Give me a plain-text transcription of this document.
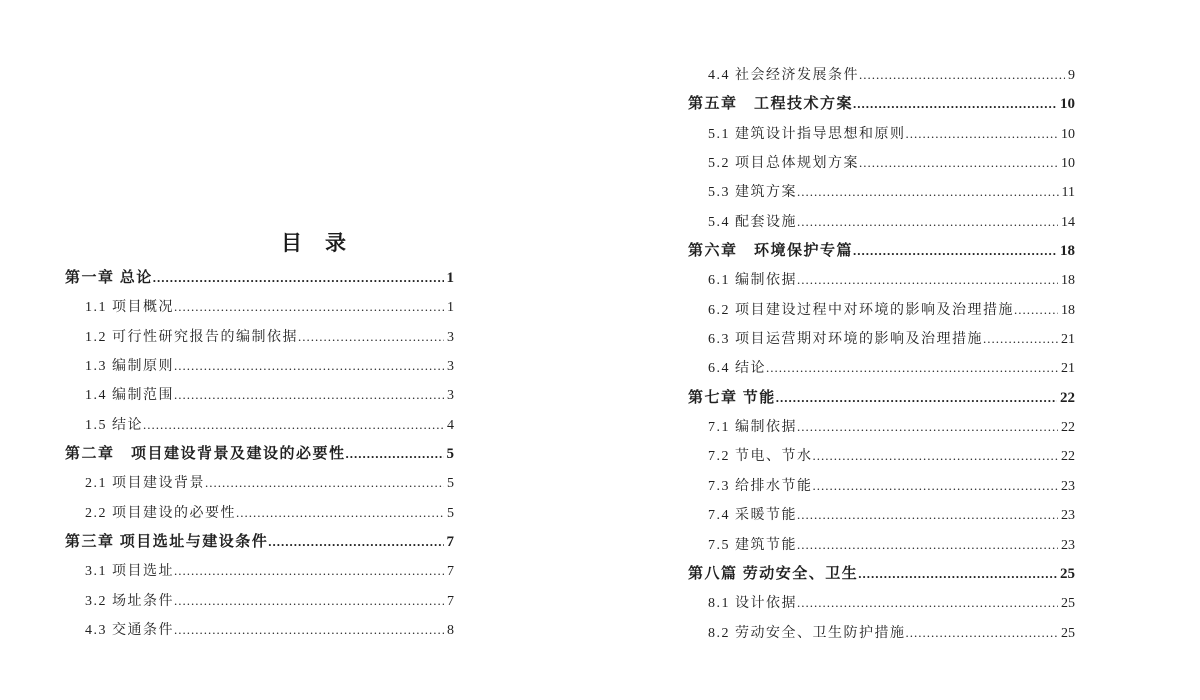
目　录
第一章 总论 .....	1
1.1 项目概况 .....	1
1.2 可行性研究报告的编制依据 .....	3
1.3 编制原则 .....	3
1.4 编制范围 .....	3
1.5 结论 .....	4
第二章　项目建设背景及建设的必要性 .....	5
2.1 项目建设背景 .....	5
2.2 项目建设的必要性 .....	5
第三章 项目选址与建设条件 .....	7
3.1 项目选址 .....	7
3.2 场址条件 .....	7
4.3 交通条件 .....	8
4.4 社会经济发展条件 .....	9
第五章　工程技术方案 .....	10
5.1 建筑设计指导思想和原则 .....	10
5.2 项目总体规划方案 .....	10
5.3 建筑方案 .....	11
5.4 配套设施 .....	14
第六章　环境保护专篇 .....	18
6.1 编制依据 .....	18
6.2 项目建设过程中对环境的影响及治理措施 .....	18
6.3 项目运营期对环境的影响及治理措施 .....	21
6.4 结论 .....	21
第七章 节能 .....	22
7.1 编制依据 .....	22
7.2 节电、节水 .....	22
7.3 给排水节能 .....	23
7.4 采暖节能 .....	23
7.5 建筑节能 .....	23
第八篇 劳动安全、卫生 .....	25
8.1 设计依据 .....	25
8.2 劳动安全、卫生防护措施 .....	25
